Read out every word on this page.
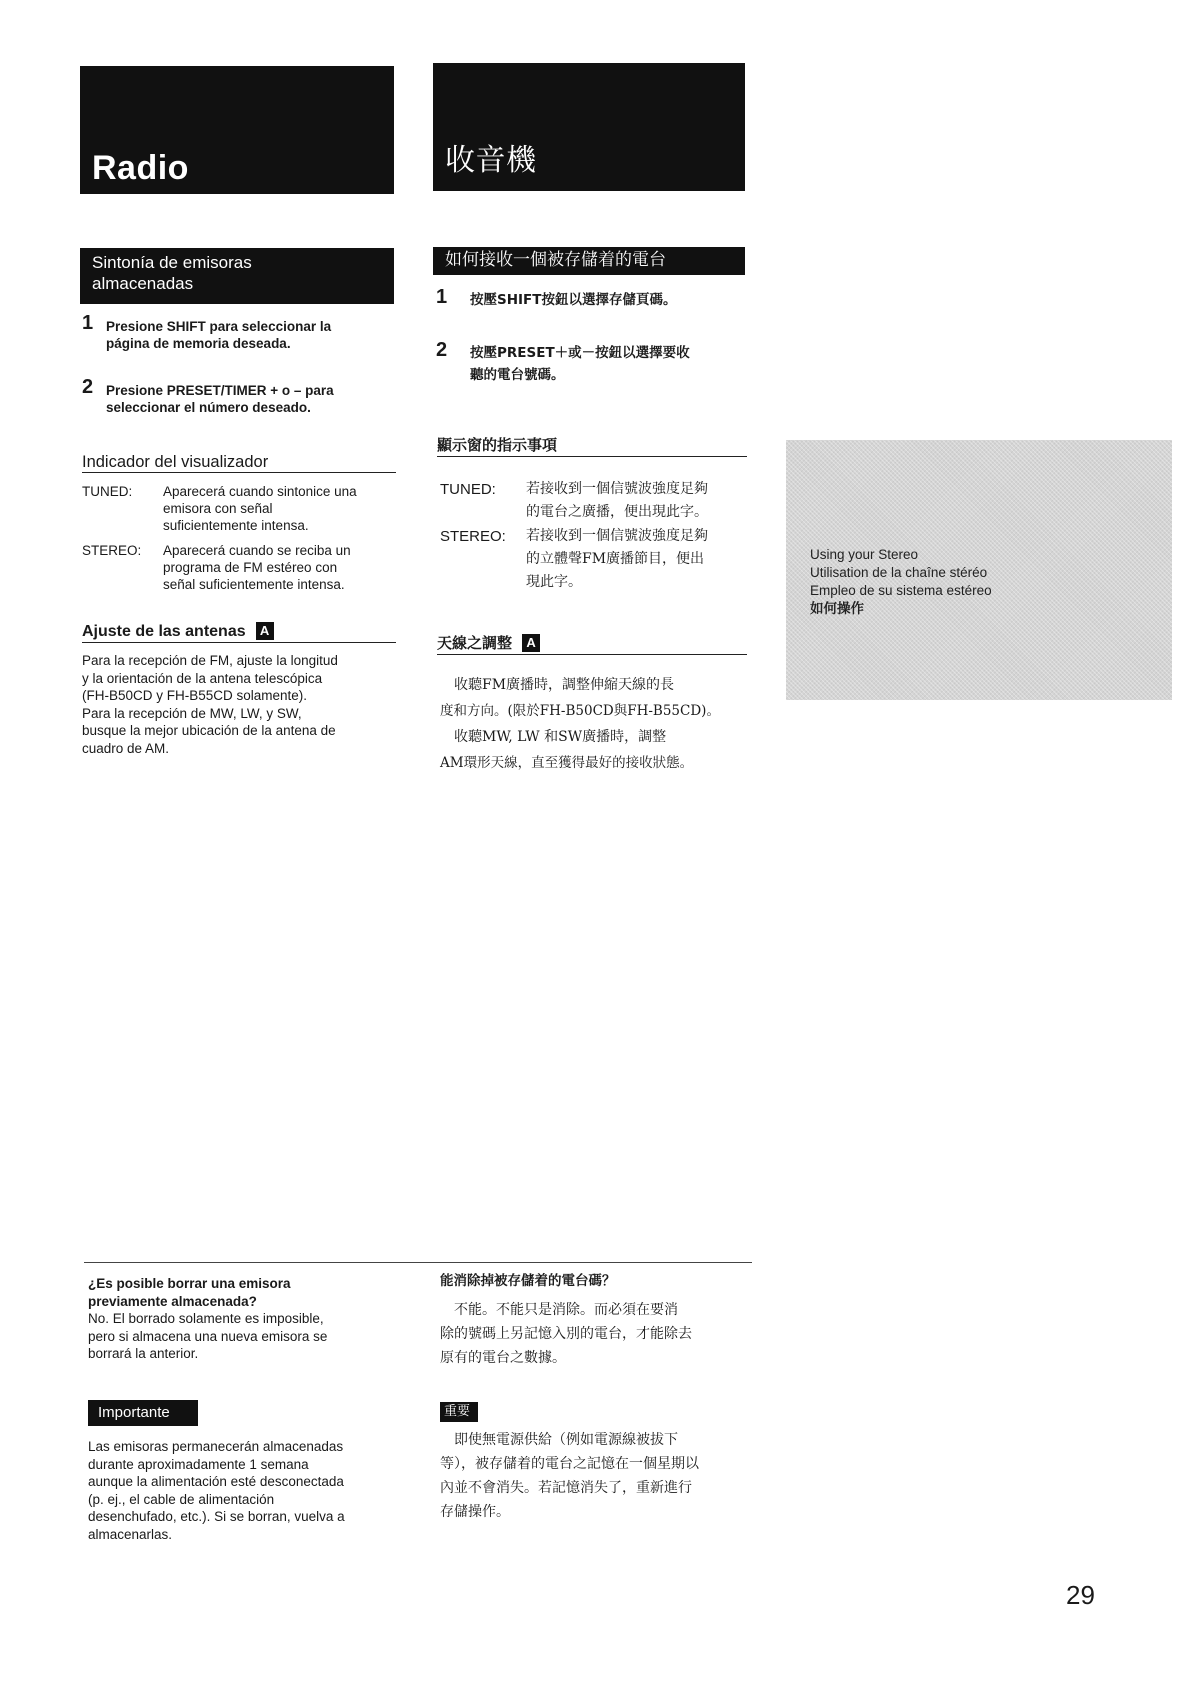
Radio
Sintonía de emisoras
almacenadas
1 Presione SHIFT para seleccionar la
página de memoria deseada.
2 Presione PRESET/TIMER + o – para
seleccionar el número deseado.
Indicador del visualizador
TUNED: Aparecerá cuando sintonice una
emisora con señal
suficientemente intensa.
STEREO: Aparecerá cuando se reciba un
programa de FM estéreo con
señal suficientemente intensa.
Ajuste de las antenas A
Para la recepción de FM, ajuste la longitud
y la orientación de la antena telescópica
(FH-B50CD y FH-B55CD solamente).
Para la recepción de MW, LW, y SW,
busque la mejor ubicación de la antena de
cuadro de AM.
收音機
如何接收一個被存儲着的電台
1 按壓SHIFT按鈕以選擇存儲頁碼。
2 按壓PRESET＋或－按鈕以選擇要收
聽的電台號碼。
顯示窗的指示事項
TUNED: 若接收到一個信號波強度足夠
的電台之廣播，便出現此字。
STEREO: 若接收到一個信號波強度足夠
的立體聲FM廣播節目，便出
現此字。
天線之調整 A
　收聽FM廣播時，調整伸縮天線的長
度和方向。(限於FH-B50CD與FH-B55CD)。
　收聽MW, LW 和SW廣播時，調整
AM環形天線，直至獲得最好的接收狀態。
Using your Stereo
Utilisation de la chaîne stéréo
Empleo de su sistema estéreo
如何操作
¿Es posible borrar una emisora
previamente almacenada?
No. El borrado solamente es imposible,
pero si almacena una nueva emisora se
borrará la anterior.
Importante
Las emisoras permanecerán almacenadas
durante aproximadamente 1 semana
aunque la alimentación esté desconectada
(p. ej., el cable de alimentación
desenchufado, etc.). Si se borran, vuelva a
almacenarlas.
能消除掉被存儲着的電台碼？
　不能。不能只是消除。而必須在要消
除的號碼上另記憶入別的電台，才能除去
原有的電台之數據。
重要
　即使無電源供給（例如電源線被拔下
等），被存儲着的電台之記憶在一個星期以
內並不會消失。若記憶消失了，重新進行
存儲操作。
29
